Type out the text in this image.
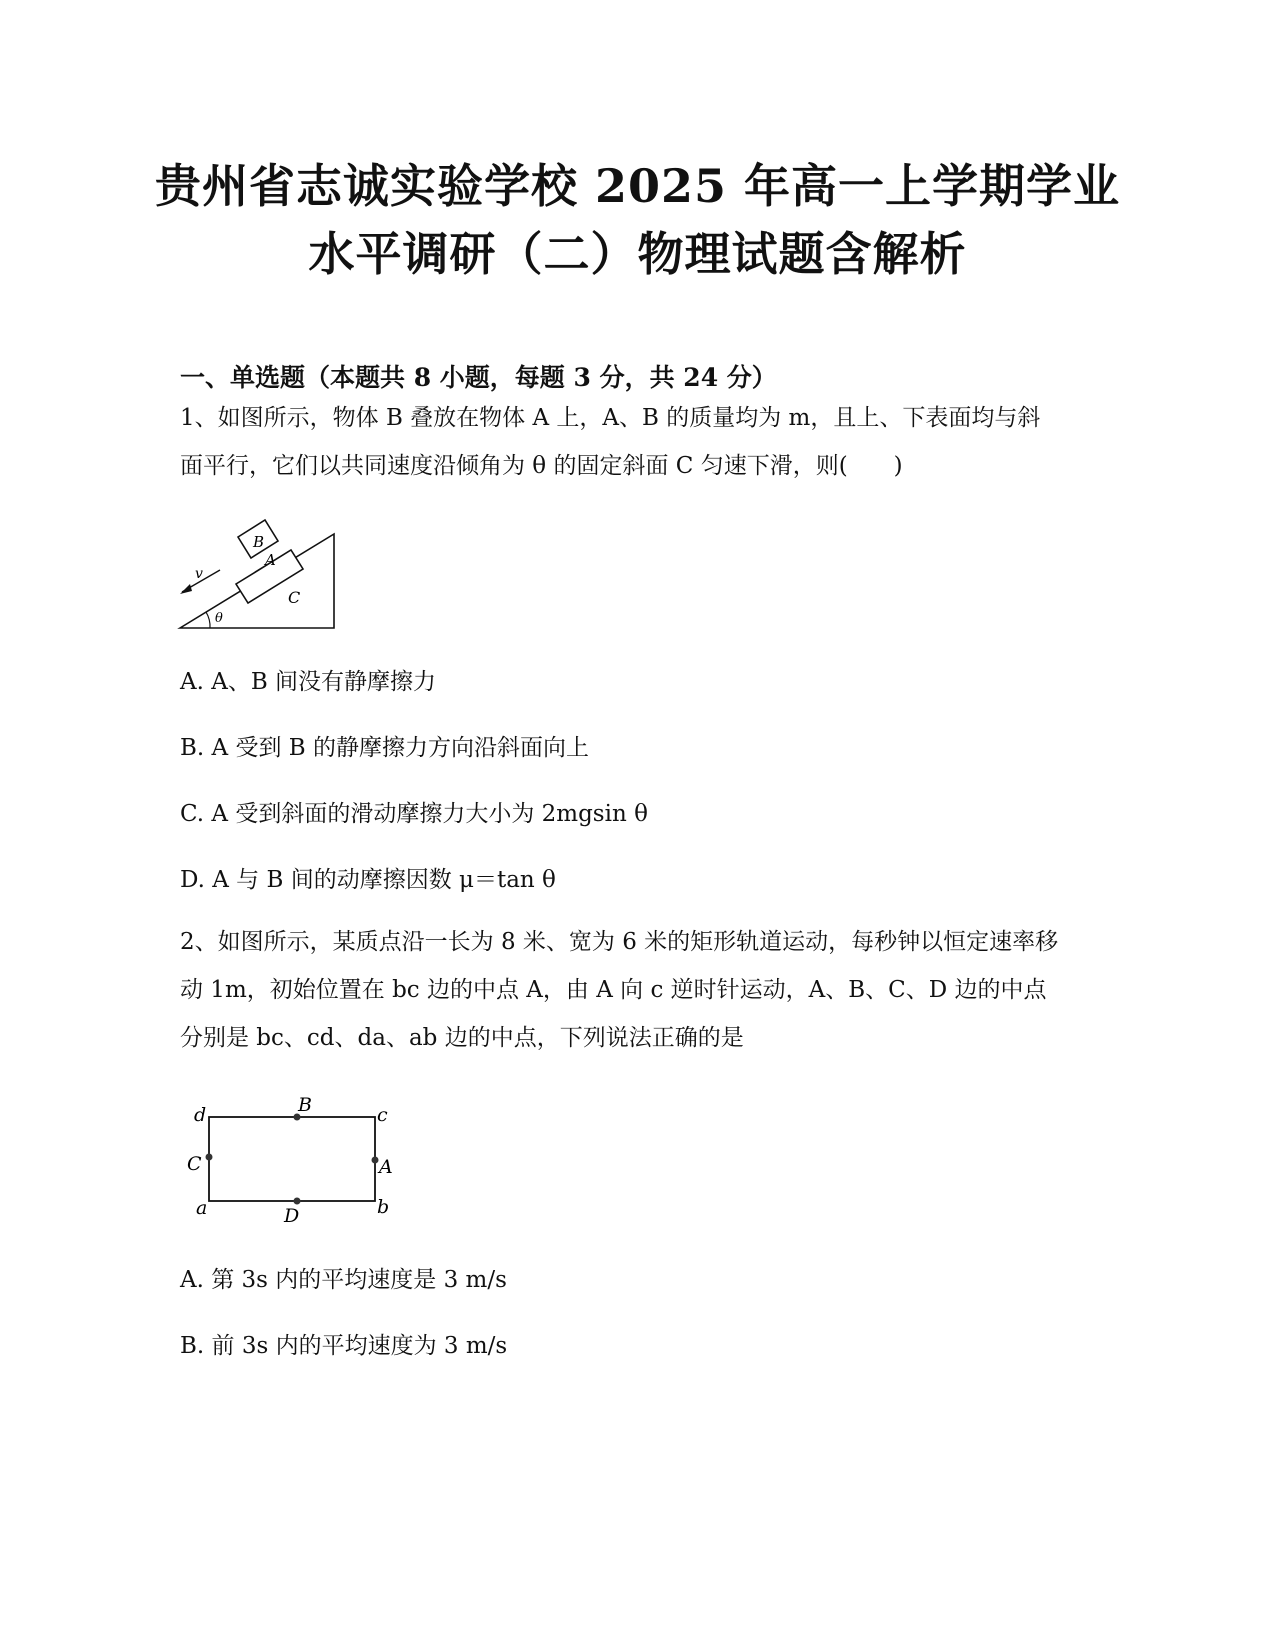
贵州省志诚实验学校 2025 年高一上学期学业
水平调研（二）物理试题含解析
一、单选题（本题共 8 小题，每题 3 分，共 24 分）
1、如图所示，物体 B 叠放在物体 A 上，A、B 的质量均为 m，且上、下表面均与斜面平行，它们以共同速度沿倾角为 θ 的固定斜面 C 匀速下滑，则(　　)
B
A
C
v
θ
A. A、B 间没有静摩擦力
B. A 受到 B 的静摩擦力方向沿斜面向上
C. A 受到斜面的滑动摩擦力大小为 2mgsin θ
D. A 与 B 间的动摩擦因数 μ＝tan θ
2、如图所示，某质点沿一长为 8 米、宽为 6 米的矩形轨道运动，每秒钟以恒定速率移动 1m，初始位置在 bc 边的中点 A，由 A 向 c 逆时针运动，A、B、C、D 边的中点分别是 bc、cd、da、ab 边的中点，下列说法正确的是
d	c
a	b
B
A
C
D
A. 第 3s 内的平均速度是 3 m/s
B. 前 3s 内的平均速度为 3 m/s
